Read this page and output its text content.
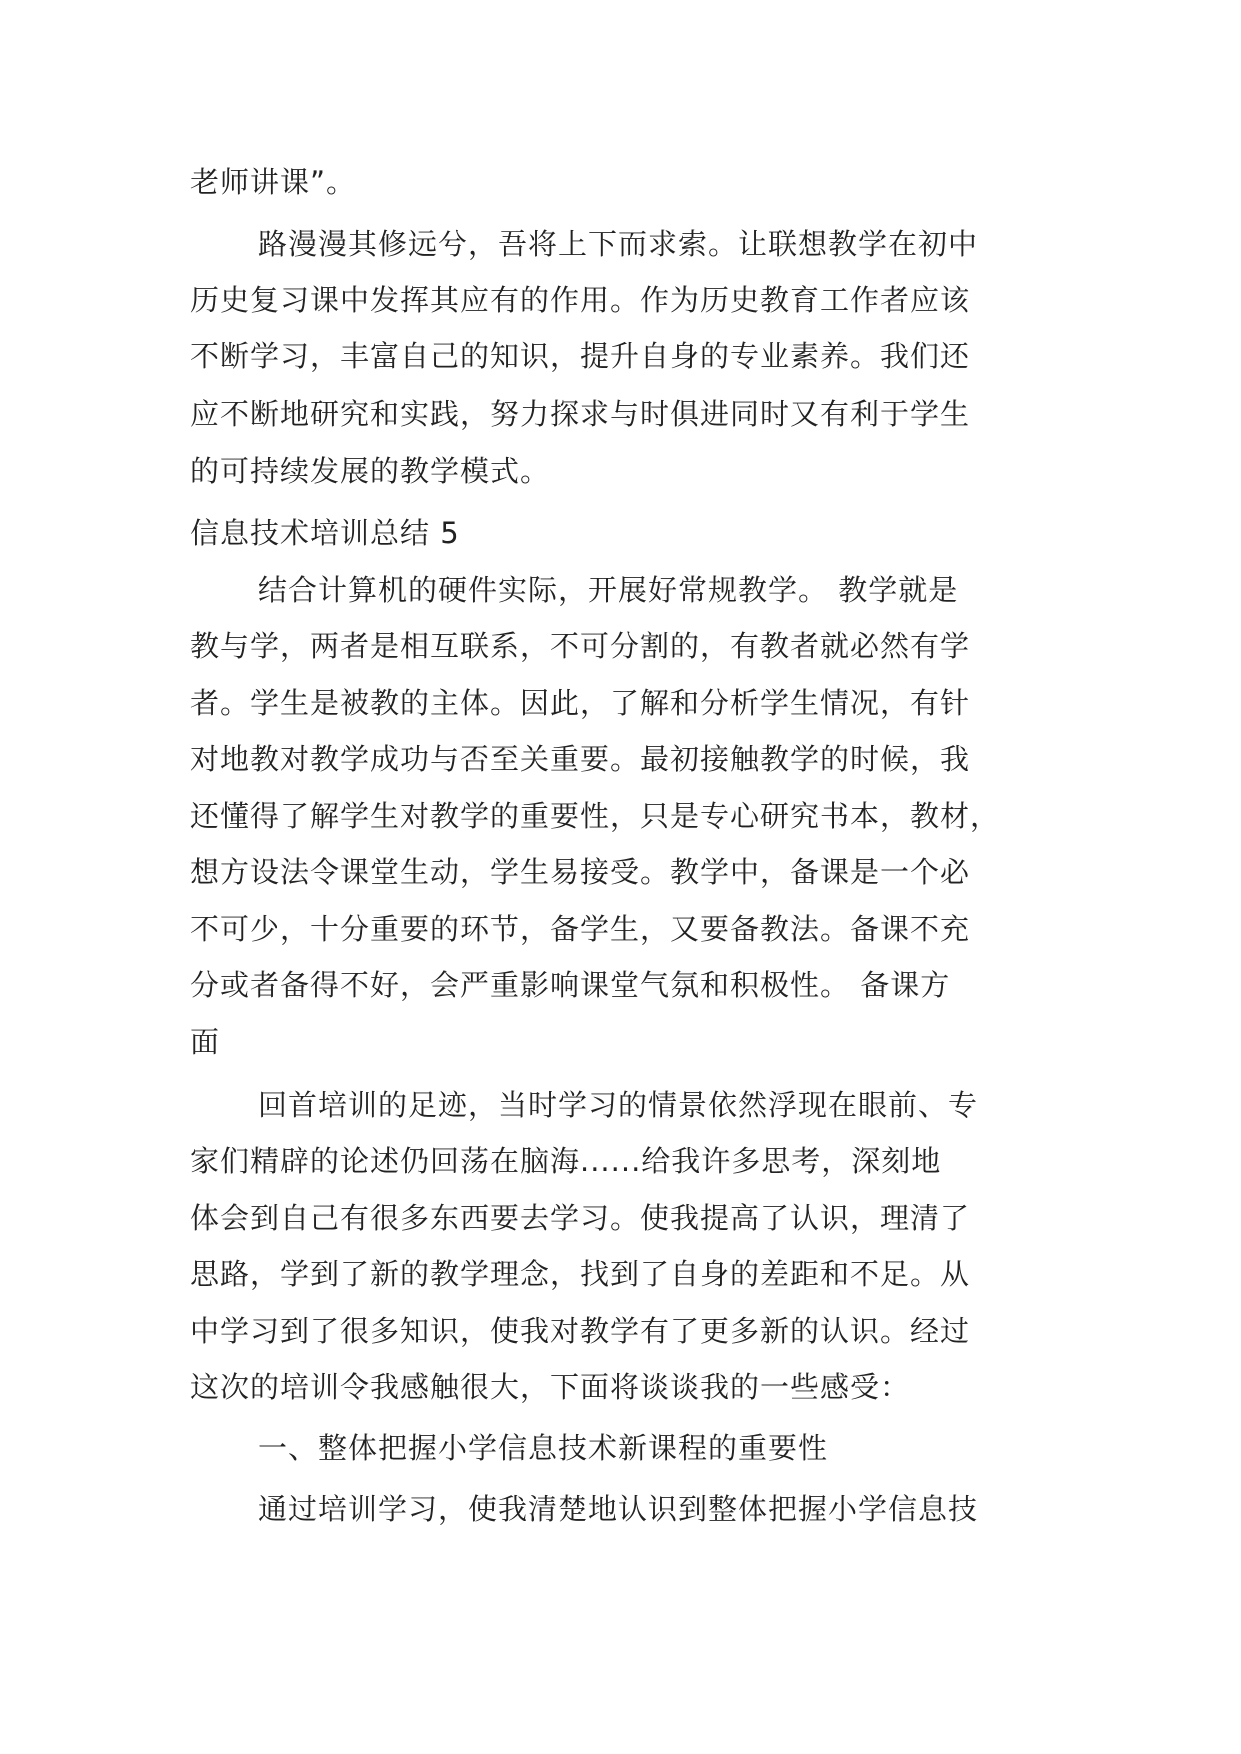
老师讲课”。
路漫漫其修远兮，吾将上下而求索。让联想教学在初中
历史复习课中发挥其应有的作用。作为历史教育工作者应该
不断学习，丰富自己的知识，提升自身的专业素养。我们还
应不断地研究和实践，努力探求与时俱进同时又有利于学生
的可持续发展的教学模式。
信息技术培训总结 5
结合计算机的硬件实际，开展好常规教学。 教学就是
教与学，两者是相互联系，不可分割的，有教者就必然有学
者。学生是被教的主体。因此，了解和分析学生情况，有针
对地教对教学成功与否至关重要。最初接触教学的时候，我
还懂得了解学生对教学的重要性，只是专心研究书本，教材，
想方设法令课堂生动，学生易接受。教学中，备课是一个必
不可少，十分重要的环节，备学生，又要备教法。备课不充
分或者备得不好，会严重影响课堂气氛和积极性。 备课方
面
回首培训的足迹，当时学习的情景依然浮现在眼前、专
家们精辟的论述仍回荡在脑海......给我许多思考，深刻地
体会到自己有很多东西要去学习。使我提高了认识，理清了
思路，学到了新的教学理念，找到了自身的差距和不足。从
中学习到了很多知识，使我对教学有了更多新的认识。经过
这次的培训令我感触很大，下面将谈谈我的一些感受：
一、整体把握小学信息技术新课程的重要性
通过培训学习，使我清楚地认识到整体把握小学信息技
